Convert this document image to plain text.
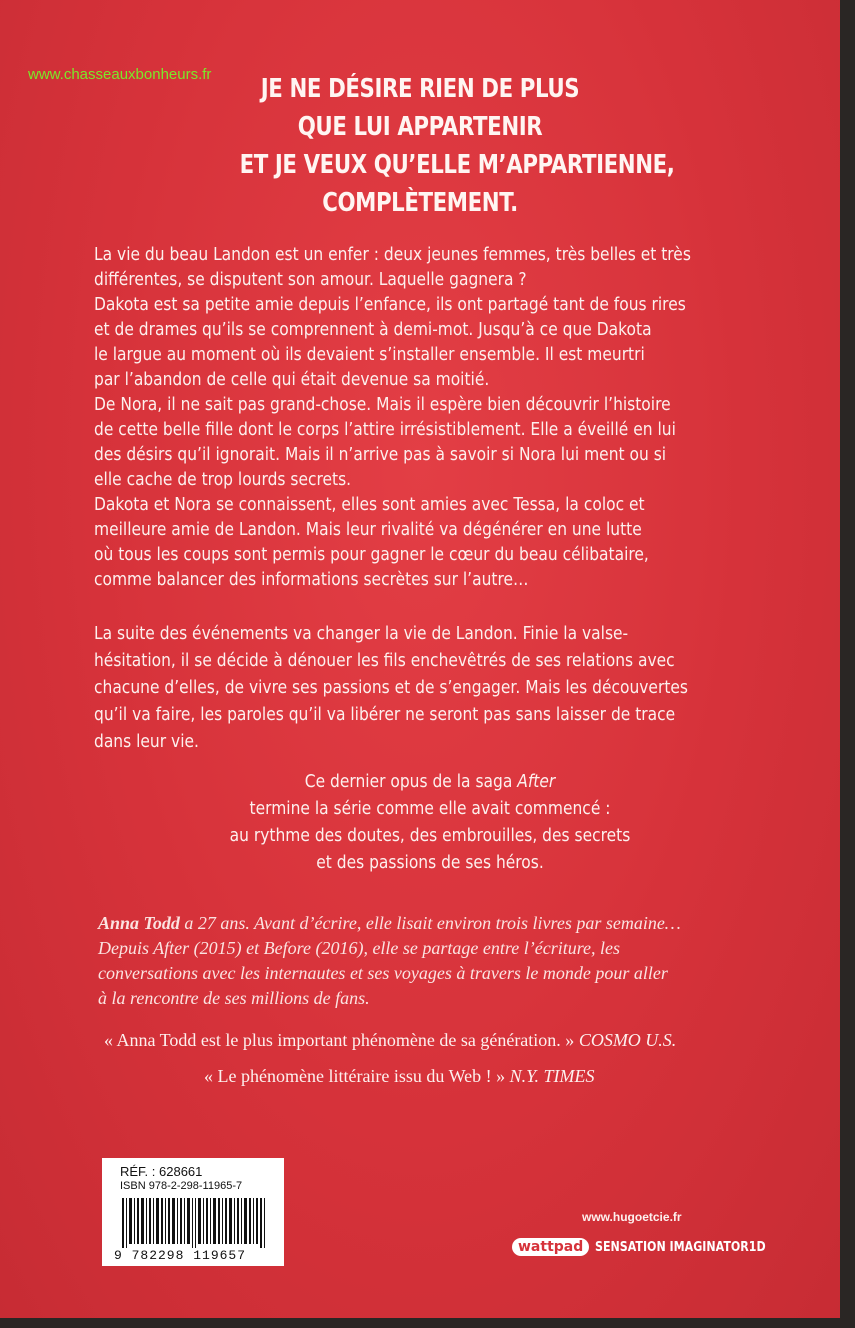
www.chasseauxbonheurs.fr	JE NE DÉSIRE RIEN DE PLUS
QUE LUI APPARTENIR
ET JE VEUX QU’ELLE M’APPARTIENNE,
COMPLÈTEMENT.

La vie du beau Landon est un enfer : deux jeunes femmes, très belles et très

différentes, se disputent son amour. Laquelle gagnera ?

Dakota est sa petite amie depuis l’enfance, ils ont partagé tant de fous rires

et de drames qu’ils se comprennent à demi-mot. Jusqu’à ce que Dakota

le largue au moment où ils devaient s’installer ensemble. Il est meurtri

par l’abandon de celle qui était devenue sa moitié.

De Nora, il ne sait pas grand-chose. Mais il espère bien découvrir l’histoire

de cette belle fille dont le corps l’attire irrésistiblement. Elle a éveillé en lui

des désirs qu’il ignorait. Mais il n’arrive pas à savoir si Nora lui ment ou si

elle cache de trop lourds secrets.

Dakota et Nora se connaissent, elles sont amies avec Tessa, la coloc et

meilleure amie de Landon. Mais leur rivalité va dégénérer en une lutte

où tous les coups sont permis pour gagner le cœur du beau célibataire,

comme balancer des informations secrètes sur l’autre…

La suite des événements va changer la vie de Landon. Finie la valse-

hésitation, il se décide à dénouer les fils enchevêtrés de ses relations avec

chacune d’elles, de vivre ses passions et de s’engager. Mais les découvertes

qu’il va faire, les paroles qu’il va libérer ne seront pas sans laisser de trace

dans leur vie.

Ce dernier opus de la saga After

termine la série comme elle avait commencé :

au rythme des doutes, des embrouilles, des secrets

et des passions de ses héros.

Anna Todd a 27 ans. Avant d’écrire, elle lisait environ trois livres par semaine…

Depuis After (2015) et Before (2016), elle se partage entre l’écriture, les

conversations avec les internautes et ses voyages à travers le monde pour aller

à la rencontre de ses millions de fans.

« Anna Todd est le plus important phénomène de sa génération. » COSMO U.S.
« Le phénomène littéraire issu du Web ! » N.Y. TIMES
RÉF. : 628661
ISBN 978-2-298-11965-7
9 782298 119657
www.hugoetcie.fr
wattpad SENSATION IMAGINATOR1D
